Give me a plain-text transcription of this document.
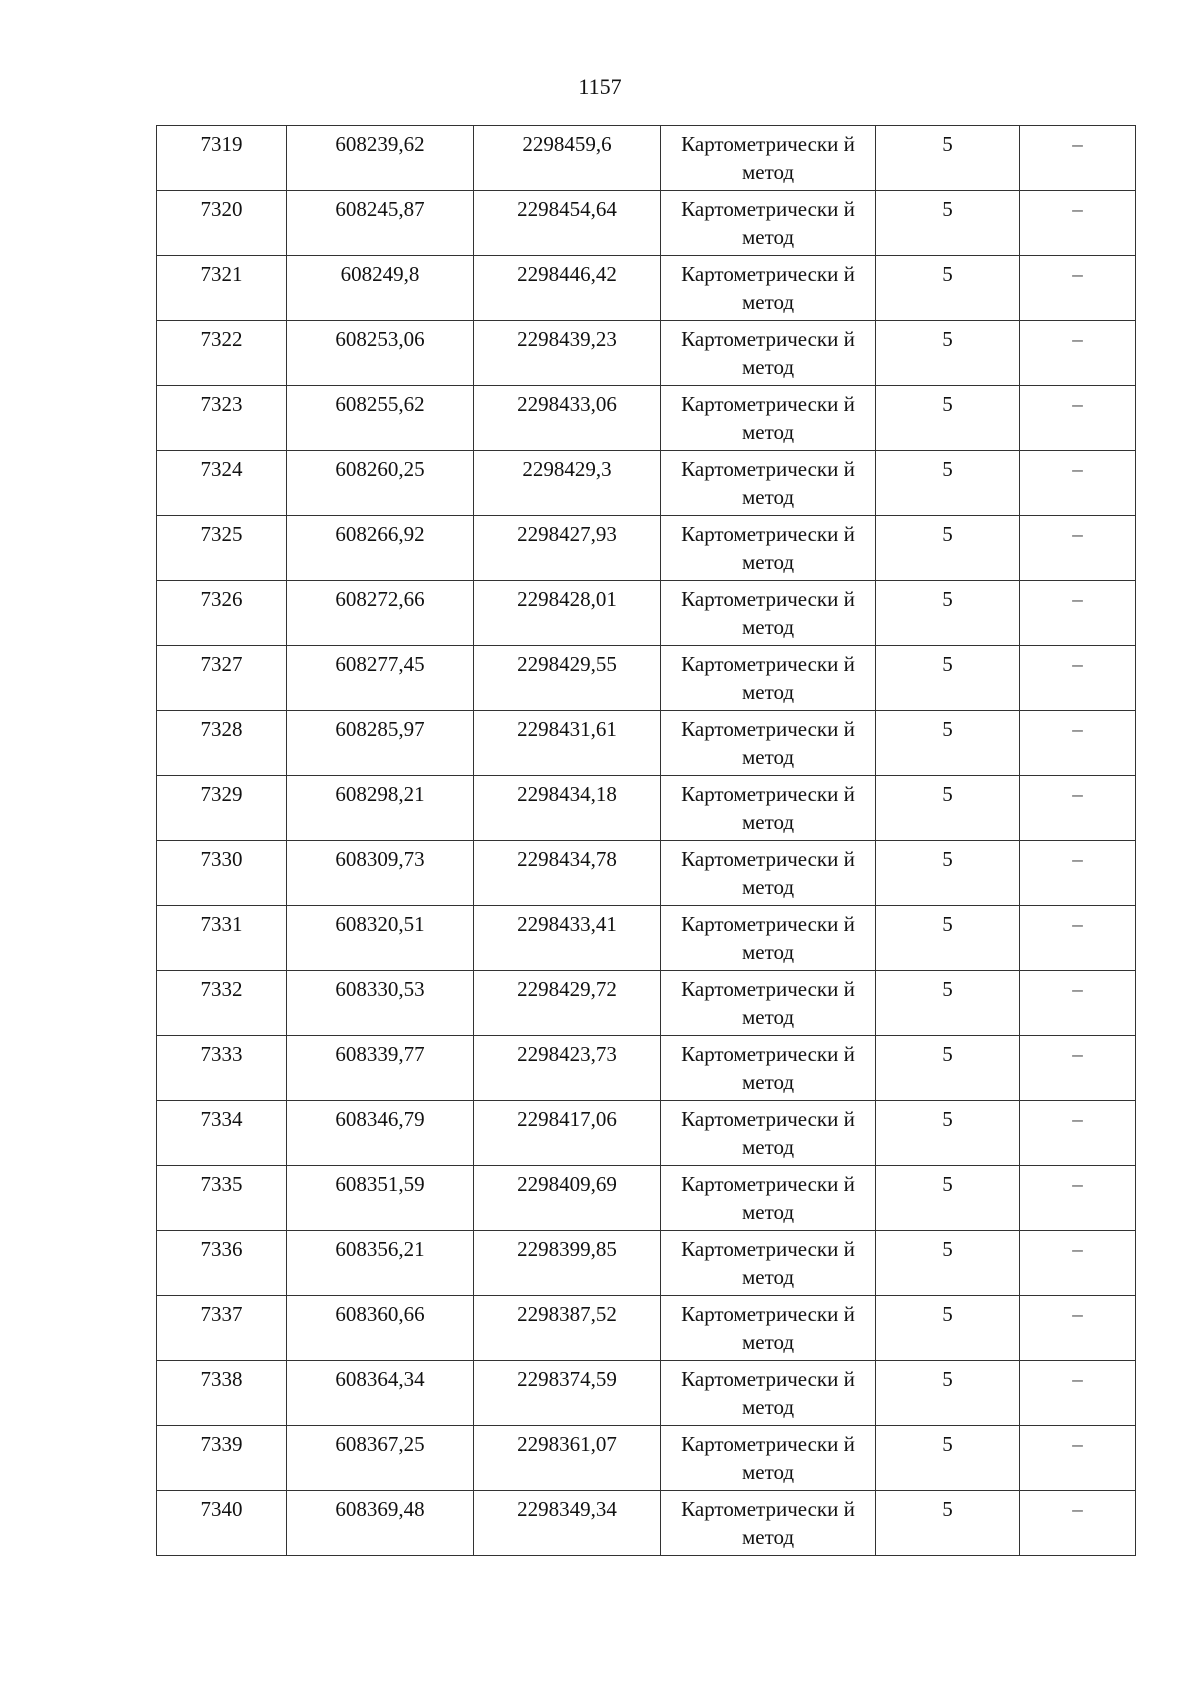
1157
7319	608239,62	2298459,6	Картометрически й метод	5	–
7320	608245,87	2298454,64	Картометрически й метод	5	–
7321	608249,8	2298446,42	Картометрически й метод	5	–
7322	608253,06	2298439,23	Картометрически й метод	5	–
7323	608255,62	2298433,06	Картометрически й метод	5	–
7324	608260,25	2298429,3	Картометрически й метод	5	–
7325	608266,92	2298427,93	Картометрически й метод	5	–
7326	608272,66	2298428,01	Картометрически й метод	5	–
7327	608277,45	2298429,55	Картометрически й метод	5	–
7328	608285,97	2298431,61	Картометрически й метод	5	–
7329	608298,21	2298434,18	Картометрически й метод	5	–
7330	608309,73	2298434,78	Картометрически й метод	5	–
7331	608320,51	2298433,41	Картометрически й метод	5	–
7332	608330,53	2298429,72	Картометрически й метод	5	–
7333	608339,77	2298423,73	Картометрически й метод	5	–
7334	608346,79	2298417,06	Картометрически й метод	5	–
7335	608351,59	2298409,69	Картометрически й метод	5	–
7336	608356,21	2298399,85	Картометрически й метод	5	–
7337	608360,66	2298387,52	Картометрически й метод	5	–
7338	608364,34	2298374,59	Картометрически й метод	5	–
7339	608367,25	2298361,07	Картометрически й метод	5	–
7340	608369,48	2298349,34	Картометрически й метод	5	–
